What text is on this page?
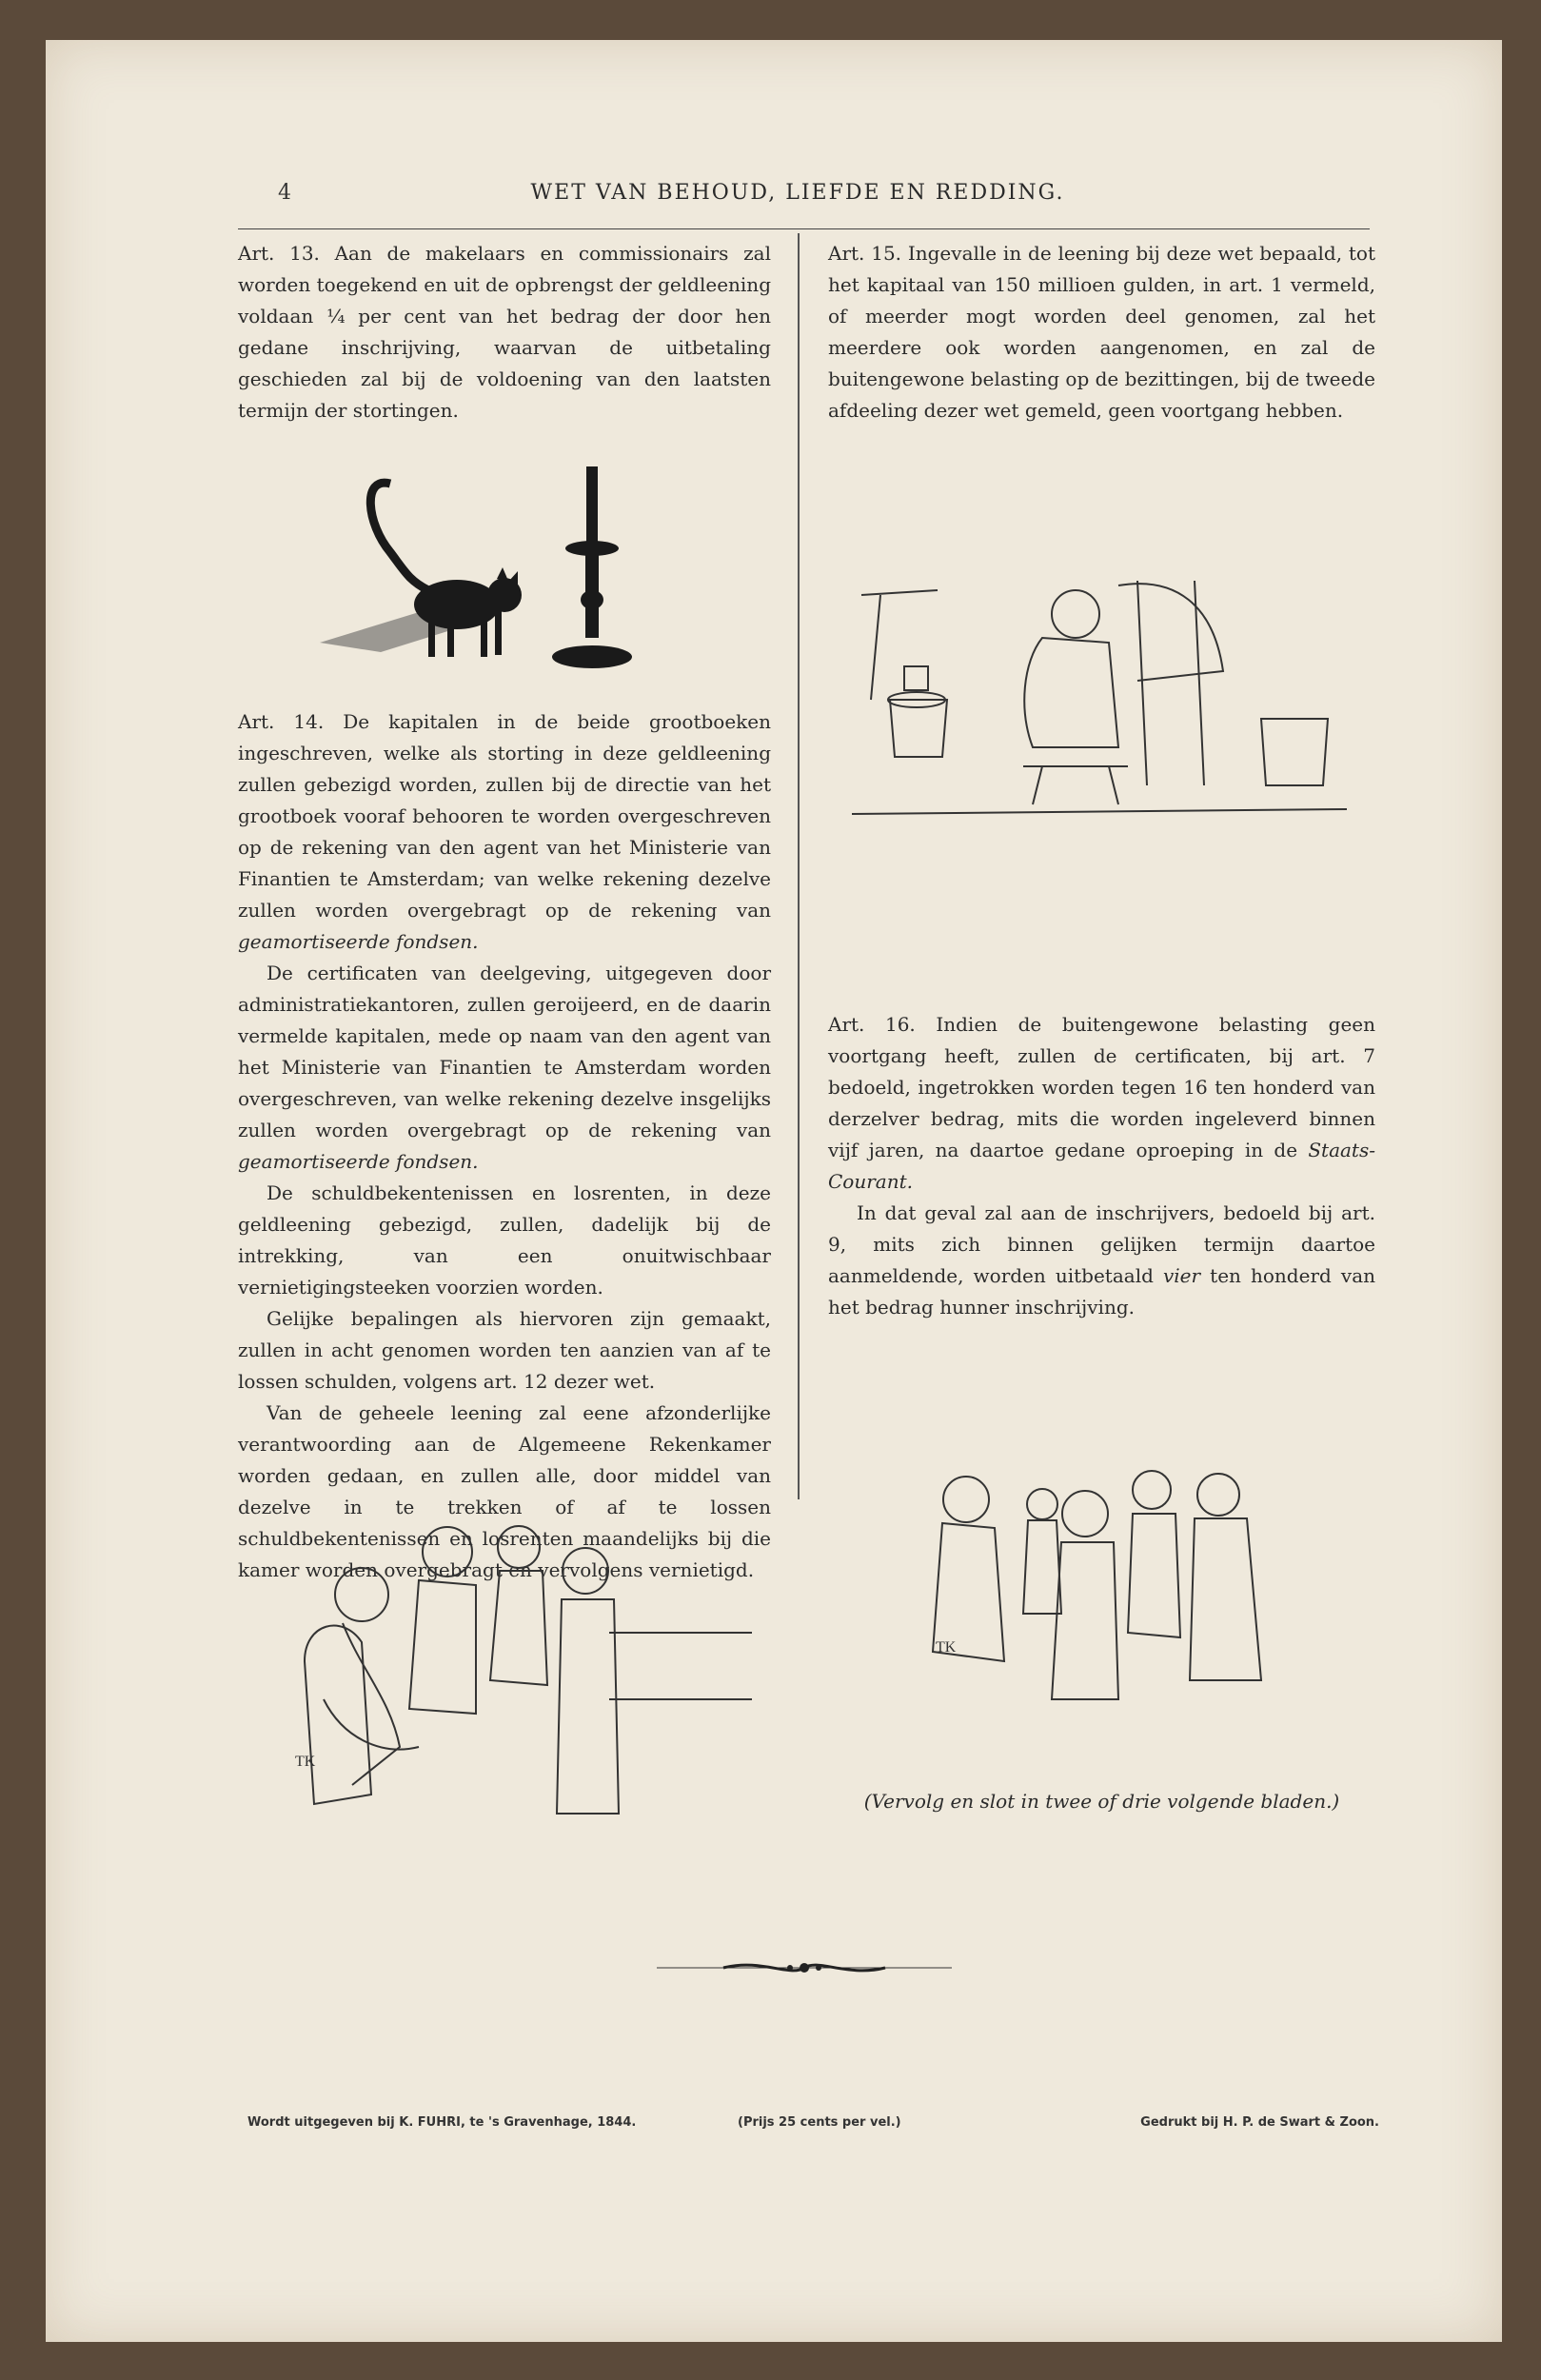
4	WET VAN BEHOUD, LIEFDE EN REDDING.

Art. 13. Aan de makelaars en commissionairs zal worden toegekend en uit de opbrengst der geldleening voldaan ¼ per cent van het bedrag der door hen gedane inschrijving, waarvan de uitbetaling geschieden zal bij de voldoening van den laatsten termijn der stortingen.

Art. 14. De kapitalen in de beide grootboeken ingeschreven, welke als storting in deze geldleening zullen gebezigd worden, zullen bij de directie van het grootboek vooraf behooren te worden overgeschreven op de rekening van den agent van het Ministerie van Finantien te Amsterdam; van welke rekening dezelve zullen worden overgebragt op de rekening van geamortiseerde fondsen.

De certificaten van deelgeving, uitgegeven door administratiekantoren, zullen geroijeerd, en de daarin vermelde kapitalen, mede op naam van den agent van het Ministerie van Finantien te Amsterdam worden overgeschreven, van welke rekening dezelve insgelijks zullen worden overgebragt op de rekening van geamortiseerde fondsen.

De schuldbekentenissen en losrenten, in deze geldleening gebezigd, zullen, dadelijk bij de intrekking, van een onuitwischbaar vernietigingsteeken voorzien worden.

Gelijke bepalingen als hiervoren zijn gemaakt, zullen in acht genomen worden ten aanzien van af te lossen schulden, volgens art. 12 dezer wet.

Van de geheele leening zal eene afzonderlijke verantwoording aan de Algemeene Rekenkamer worden gedaan, en zullen alle, door middel van dezelve in te trekken of af te lossen schuldbekentenissen en losrenten maandelijks bij die kamer worden overgebragt en vervolgens vernietigd.

TK

Art. 15. Ingevalle in de leening bij deze wet bepaald, tot het kapitaal van 150 millioen gulden, in art. 1 vermeld, of meerder mogt worden deel genomen, zal het meerdere ook worden aangenomen, en zal de buitengewone belasting op de bezittingen, bij de tweede afdeeling dezer wet gemeld, geen voortgang hebben.

Art. 16. Indien de buitengewone belasting geen voortgang heeft, zullen de certificaten, bij art. 7 bedoeld, ingetrokken worden tegen 16 ten honderd van derzelver bedrag, mits die worden ingeleverd binnen vijf jaren, na daartoe gedane oproeping in de Staats-Courant.

In dat geval zal aan de inschrijvers, bedoeld bij art. 9, mits zich binnen gelijken termijn daartoe aanmeldende, worden uitbetaald vier ten honderd van het bedrag hunner inschrijving.

TK
(Vervolg en slot in twee of drie volgende bladen.)
Wordt uitgegeven bij K. FUHRI, te 's Gravenhage, 1844.	(Prijs 25 cents per vel.)	Gedrukt bij H. P. de Swart & Zoon.
